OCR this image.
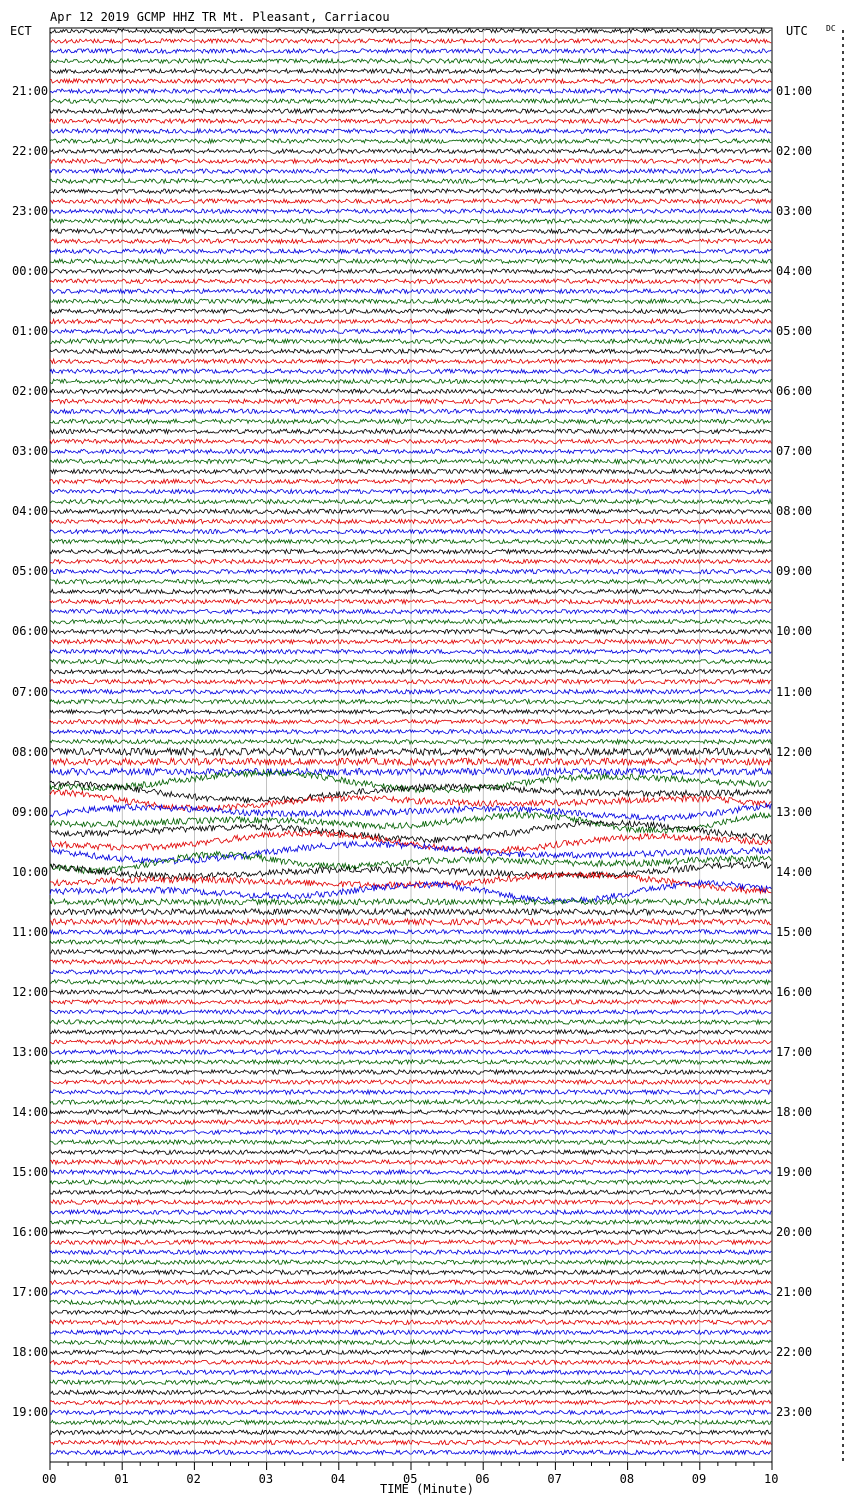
Apr 12 2019 GCMP HHZ TR Mt. Pleasant, Carriacou
ECT	UTC DC
21:00
22:00
23:00
00:00
01:00
02:00
03:00
04:00
05:00
06:00
07:00
08:00
09:00
10:00
11:00
12:00
13:00
14:00
15:00
16:00
17:00
18:00
19:00
01:00
02:00
03:00
04:00
05:00
06:00
07:00
08:00
09:00
10:00
11:00
12:00
13:00
14:00
15:00
16:00
17:00
18:00
19:00
20:00
21:00
22:00
23:00
00	01	02	03	04	05	06	07	08	09	10
TIME (Minute)
